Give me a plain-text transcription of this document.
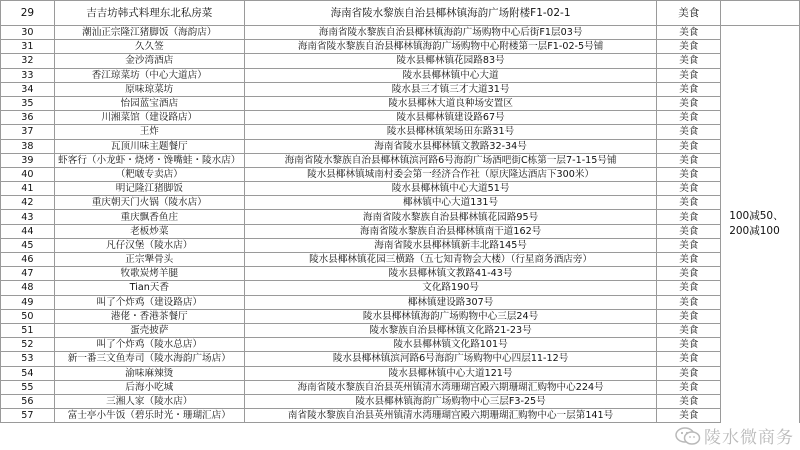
29	吉吉坊韩式料理东北私房菜	海南省陵水黎族自治县椰林镇海韵广场附楼F1-02-1	美食	
30	潮汕正宗隆江猪脚饭（海韵店）	海南省陵水黎族自治县椰林镇海韵广场购物中心后街F1层03号	美食	100减50、200减100
31	久久签	海南省陵水黎族自治县椰林镇海韵广场购物中心附楼第一层F1-02-5号铺	美食	
32	金沙湾酒店	陵水县椰林镇花园路83号	美食	
33	香江琼菜坊（中心大道店）	陵水县椰林镇中心大道	美食	
34	原味琼菜坊	陵水县三才镇三才大道31号	美食	
35	怡园蓝宝酒店	陵水县椰林大道良种场安置区	美食	
36	川湘菜馆（建设路店）	陵水县椰林镇建设路67号	美食	
37	王炸	陵水县椰林镇架场田东路31号	美食	
38	瓦顶川味主题餐厅	海南省陵水县椰林镇文教路32-34号	美食	
39	虾客行（小龙虾・烧烤・馋嘴蛙・陵水店）	海南省陵水黎族自治县椰林镇滨河路6号海韵广场酒吧街C栋第一层7-1-15号铺	美食	
40	（粑啵专卖店）	陵水县椰林镇城南村委会第一经济合作社（原庆隆达酒店下300米）	美食	
41	明记隆江猪脚饭	陵水县椰林镇中心大道51号	美食	
42	重庆朝天门火锅（陵水店）	椰林镇中心大道131号	美食	
43	重庆飘香鱼庄	海南省陵水黎族自治县椰林镇花园路95号	美食	
44	老板炒菜	海南省陵水黎族自治县椰林镇南干道162号	美食	
45	凡仔汉堡（陵水店）	海南省陵水县椰林镇新丰北路145号	美食	
46	正宗犟骨头	陵水县椰林镇花园三横路（五七知青物会大楼）（行星商务酒店旁）	美食	
47	牧歌炭烤羊腿	陵水县椰林镇文教路41-43号	美食	
48	Tian天香	文化路190号	美食	
49	叫了个炸鸡（建设路店）	椰林镇建设路307号	美食	
50	港佬・香港茶餐厅	陵水县椰林镇海韵广场购物中心三层24号	美食	
51	蛋壳披萨	陵水黎族自治县椰林镇文化路21-23号	美食	
52	叫了个炸鸡（陵水总店）	陵水县椰林镇文化路101号	美食	
53	新一番三文鱼寿司（陵水海韵广场店）	陵水县椰林镇滨河路6号海韵广场购物中心四层11-12号	美食	
54	渝味麻辣烫	陵水县椰林镇中心大道121号	美食	
55	后海小吃城	海南省陵水黎族自治县英州镇清水湾珊瑚宫殿六期珊瑚汇购物中心224号	美食	
56	三湘人家（陵水店）	陵水县椰林镇海韵广场购物中心三层F3-25号	美食	
57	富士亭小牛饭（碧乐时光・珊瑚汇店）	南省陵水黎族自治县英州镇清水湾珊瑚宫殿六期珊瑚汇购物中心一层第141号	美食	
陵水微商务
